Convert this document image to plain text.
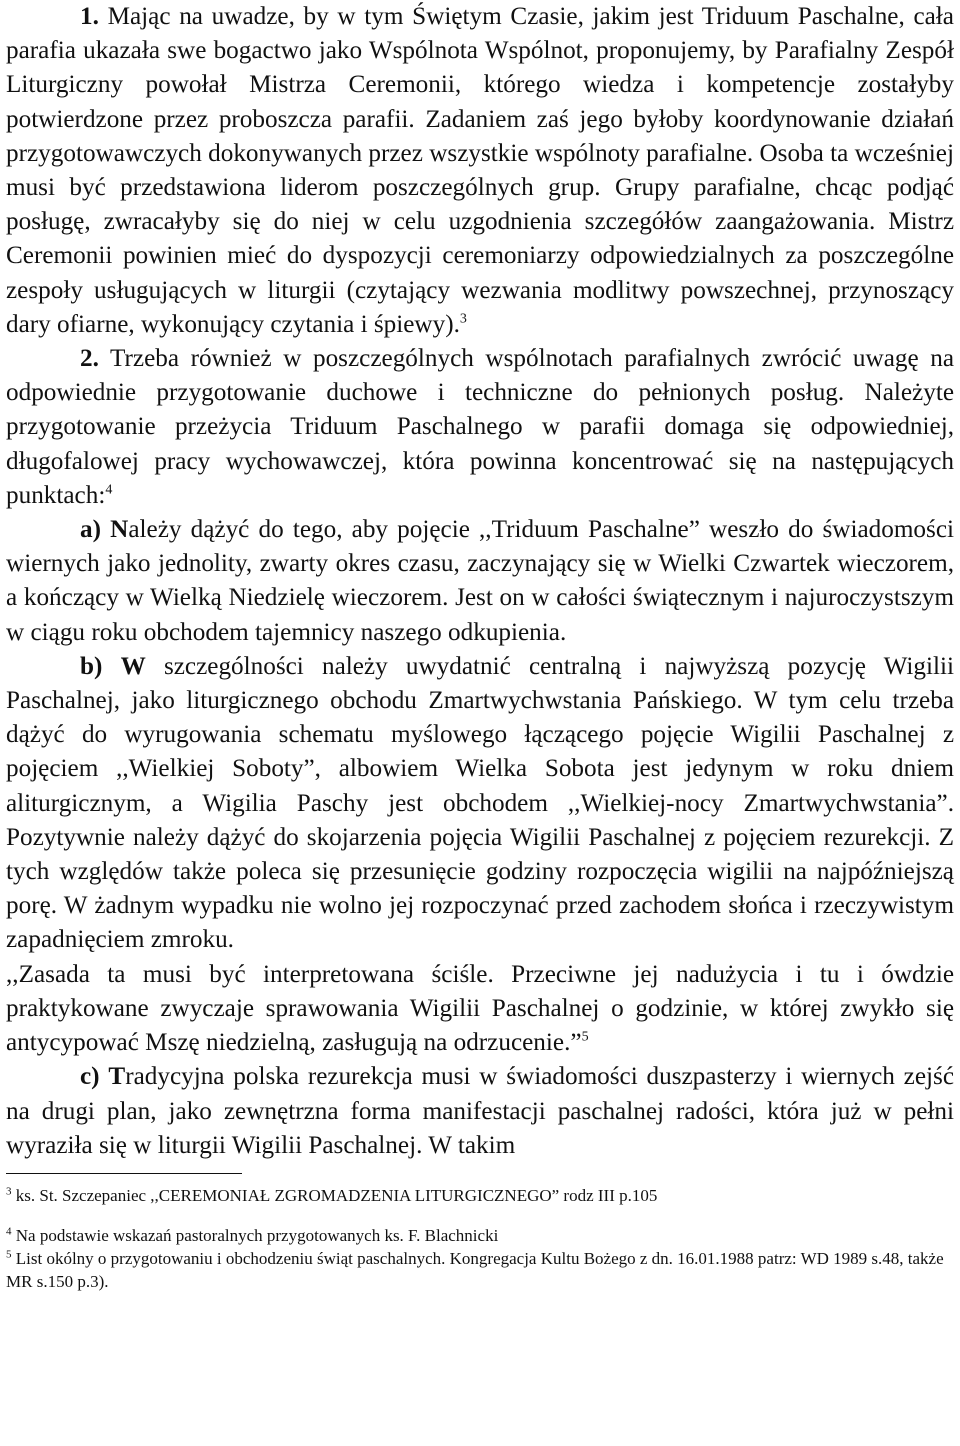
1. Mając na uwadze, by w tym Świętym Czasie, jakim jest Triduum Paschalne, cała parafia ukazała swe bogactwo jako Wspólnota Wspólnot, proponujemy, by Parafialny Zespół Liturgiczny powołał Mistrza Ceremonii, którego wiedza i kompetencje zostałyby potwierdzone przez proboszcza parafii. Zadaniem zaś jego byłoby koordynowanie działań przygotowawczych dokonywanych przez wszystkie wspólnoty parafialne. Osoba ta wcześniej musi być przedstawiona liderom poszczególnych grup. Grupy parafialne, chcąc podjąć posługę, zwracałyby się do niej w celu uzgodnienia szczegółów zaangażowania. Mistrz Ceremonii powinien mieć do dyspozycji ceremoniarzy odpowiedzialnych za poszczególne zespoły usługujących w liturgii (czytający wezwania modlitwy powszechnej, przynoszący dary ofiarne, wykonujący czytania i śpiewy).$^3$

2. Trzeba również w poszczególnych wspólnotach parafialnych zwrócić uwagę na odpowiednie przygotowanie duchowe i techniczne do pełnionych posług. Należyte przygotowanie przeżycia Triduum Paschalnego w parafii domaga się odpowiedniej, długofalowej pracy wychowawczej, która powinna koncentrować się na następujących punktach:$^4$

a) Należy dążyć do tego, aby pojęcie ,,Triduum Paschalne” weszło do świadomości wiernych jako jednolity, zwarty okres czasu, zaczynający się w Wielki Czwartek wieczorem, a kończący w Wielką Niedzielę wieczorem. Jest on w całości świątecznym i najuroczystszym w ciągu roku obchodem tajemnicy naszego odkupienia.

b) W szczególności należy uwydatnić centralną i najwyższą pozycję Wigilii Paschalnej, jako liturgicznego obchodu Zmartwychwstania Pańskiego. W tym celu trzeba dążyć do wyrugowania schematu myślowego łączącego pojęcie Wigilii Paschalnej z pojęciem ,,Wielkiej Soboty”, albowiem Wielka Sobota jest jedynym w roku dniem aliturgicznym, a Wigilia Paschy jest obchodem ,,Wielkiej-nocy Zmartwychwstania”. Pozytywnie należy dążyć do skojarzenia pojęcia Wigilii Paschalnej z pojęciem rezurekcji. Z tych względów także poleca się przesunięcie godziny rozpoczęcia wigilii na najpóźniejszą porę. W żadnym wypadku nie wolno jej rozpoczynać przed zachodem słońca i rzeczywistym zapadnięciem zmroku.

,,Zasada ta musi być interpretowana ściśle. Przeciwne jej nadużycia i tu i ówdzie praktykowane zwyczaje sprawowania Wigilii Paschalnej o godzinie, w której zwykło się antycypować Mszę niedzielną, zasługują na odrzucenie.”$^5$

c) Tradycyjna polska rezurekcja musi w świadomości duszpasterzy i wiernych zejść na drugi plan, jako zewnętrzna forma manifestacji paschalnej radości, która już w pełni wyraziła się w liturgii Wigilii Paschalnej. W takim

$^3$ ks. St. Szczepaniec ,,CEREMONIAŁ ZGROMADZENIA LITURGICZNEGO” rodz III p.105

$^4$ Na podstawie wskazań pastoralnych przygotowanych ks. F. Blachnicki

$^5$ List okólny o przygotowaniu i obchodzeniu świąt paschalnych. Kongregacja Kultu Bożego z dn. 16.01.1988 patrz: WD 1989 s.48, także MR s.150 p.3).
